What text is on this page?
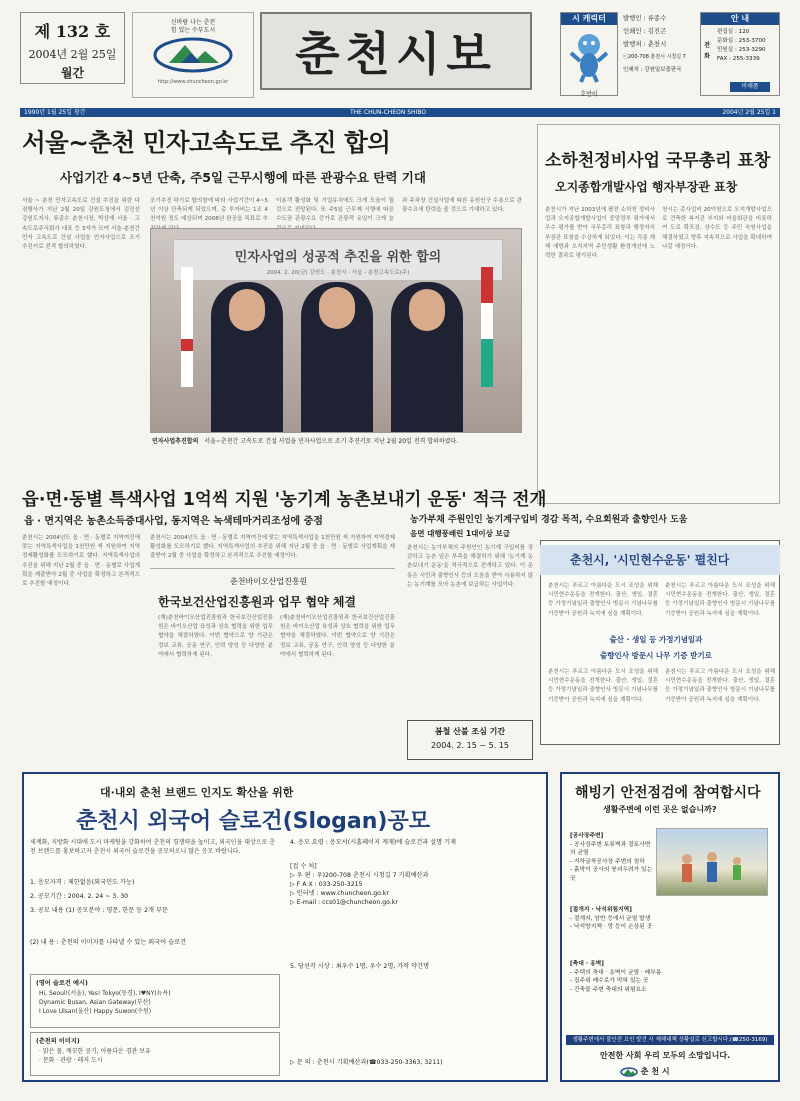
제 132 호
2004년 2월 25일
월간
신바람 나는 춘천
힘 있는 수부도시
http://www.chuncheon.go.kr
춘천시보
시 캐릭터
호반이
발행인 : 류종수
인쇄인 : 김진곤
발행처 : 춘천시
ⓒ200-708 춘천시 시청길 7
인쇄처 : 강원일보출판국
안 내
편집실 : 120
문화실 : 253-3700
민원실 : 253-3290
FAX : 255-3339
전
화
비매품
1990년 1월 25일 창간	THE CHUN-CHEON SHIBO	2004년 2월 25일 1
서울~춘천 민자고속도로 추진 합의
사업기간 4~5년 단축, 주5일 근무시행에 따른 관광수요 탄력 기대
서울 ~ 춘천 민자고속도로 건설 추진을 위한 다짐행사가 지난 2월 20일 강원도청에서 김진선 강원도지사, 류종수 춘천시장, 박상재 서울 · 고속도로주식회사 대표 등 3자가 모여 서울-춘천간 민자 고속도로 건설 사업을 민자사업으로 조기 추진키로 전격 합의하였다.
조기추진 하기로 합의함에 따라 사업기간이 4~5년 이상 단축되게 되었으며, 총 투자비는 1조 4천억원 정도 예상되며 2008년 완공을 목표로 추
이용객 활성화 및 기업유치에도 크게 도움이 될 것으로 전망된다. 또 주5일 근무제 시행에 따른 수도권 관광수요 증가로 관광객 유입이 크게 늘
과 주차장 건설사업에 따른 유원인구 수용으로 관광수요에 탄력을 줄 것으로 기대하고 있다.
민자사업의 성공적 추진을 위한 합의
2004. 2. 20(금) 강원도 · 춘천시 · 서울 - 춘천고속도로(주)
민자사업추진합의 서울~춘천간 고속도로 건설 사업을 민자사업으로 조기 추진키로 지난 2월 20일 전격 합의하였다.
소하천정비사업 국무총리 표창
오지종합개발사업 행자부장관 표창
춘천시가 지난 2003년에 펼친 소하천 정비사업과 오지종합개발사업이 중앙정부 평가에서 우수 평가를 받아 국무총리 표창과 행정자치부장관 표창을 수상하게 되었다. 이는 각종 재해 예방과 오지지역 주민생활 환경개선에 노력한 결과로 평가된다.
천시는 총사업비 20억원으로 오지개발사업으로 건축한 복지관 부지와 마을회관을 비롯하여 도로 확포장, 상수도 등 주민 숙원사업을 해결하였고 향후 지속적으로 사업을 확대하여 나갈 예정이다.
읍·면·동별 특색사업 1억씩 지원 '농기계 농촌보내기 운동' 적극 전개
읍 · 면지역은 농촌소득증대사업, 동지역은 녹색테마거리조성에 중점	농가부채 주원인인 농기계구입비 경감 목적, 수요회원과 출향인사 도움
음면 대행풍배린 1대이상 보급
춘천시는 2004년도 읍 · 면 · 동별로 지역여건에 맞는 지역특색사업을 1천만원 씩 지원하여 지역경제활성화를 도모하기로 했다. 지역특색사업의 추진을 위해 지난 2월 중 읍 · 면 · 동별로 사업계획을 제출받아 2월 중 사업을 확정하고 본격적으로 추진할 예정이다.
춘천시는 2004년도 읍 · 면 · 동별로 지역여건에 맞는 지역특색사업을 1천만원 씩 지원하여 지역경제활성화를 도모하기로 했다. 지역특색사업의 추진을 위해 지난 2월 중 읍 · 면 · 동별로 사업계획을 제출받아 2월 중 사업을 확정하고 본격적으로 추진할 예정이다.
춘천시는 농가부채의 주원인인 농기계 구입비를 경감하고 농촌 일손 부족을 해결하기 위해 '농기계 농촌보내기 운동'을 적극적으로 전개하고 있다. 이 운동은 시민과 출향인사 등의 도움을 받아 사용하지 않는 농기계를 모아 농촌에 보급하는 사업이다.
춘천바이오산업진흥원
한국보건산업진흥원과 업무 협약 체결
(재)춘천바이오산업진흥원과 한국보건산업진흥원은 바이오산업 육성과 상호 협력을 위한 업무 협약을 체결하였다. 이번 협약으로 양 기관은 정보 교류, 공동 연구, 인력 양성 등 다양한 분야에서 협력하게 된다.
(재)춘천바이오산업진흥원과 한국보건산업진흥원은 바이오산업 육성과 상호 협력을 위한 업무 협약을 체결하였다. 이번 협약으로 양 기관은 정보 교류, 공동 연구, 인력 양성 등 다양한 분야에서 협력하게 된다.
봄철 산불 조심 기간
2004. 2. 15 ~ 5. 15
춘천시, '시민현수운동' 펼친다
춘천시는 푸르고 아름다운 도시 조성을 위해 시민현수운동을 전개한다. 출산, 생일, 결혼 등 가정기념일과 출향인사 방문시 기념나무를 기증받아 공원과 녹지에 심을 계획이다.
춘천시는 푸르고 아름다운 도시 조성을 위해 시민현수운동을 전개한다. 출산, 생일, 결혼 등 가정기념일과 출향인사 방문시 기념나무를 기증받아 공원과 녹지에 심을 계획이다.
출산 · 생일 등 가정기념일과
출향인사 방문시 나무 기증 받기로
춘천시는 푸르고 아름다운 도시 조성을 위해 시민현수운동을 전개한다. 출산, 생일, 결혼 등 가정기념일과 출향인사 방문시 기념나무를 기증받아 공원과 녹지에 심을 계획이다.
춘천시는 푸르고 아름다운 도시 조성을 위해 시민현수운동을 전개한다. 출산, 생일, 결혼 등 가정기념일과 출향인사 방문시 기념나무를 기증받아 공원과 녹지에 심을 계획이다.
대·내외 춘천 브랜드 인지도 확산을 위한
춘천시 외국어 슬로건(Slogan)공모
세계화, 지방화 시대에 도시 마케팅을 강화하여 춘천의 경쟁력을 높이고, 외국인을 대상으로 춘천 브랜드를 홍보하고자 춘천시 외국어 슬로건을 공모하오니 많은 응모 바랍니다.
1. 응모자격 : 제한없음(외국인도 가능)
2. 공모기간 : 2004. 2. 24 ~ 3. 30
3. 공모 내용 (1) 공모분야 : 영문, 한문 등 2개 부문
(2) 내 용 : 춘천의 이미지를 나타낼 수 있는 외국어 슬로건
4. 응모 요령 : 응모서(시홈페이지 게재)에 슬로건과 설명 기재
5. 당선작 시상 : 최우수 1명, 우수 2명, 가작 약간명
[접 수 처]
▷ 우 편 : 우)200-708 춘천시 시청길 7 기획예산과
▷ F A X : 033-250-3215
▷ 인터넷 : www.chuncheon.go.kr
▷ E-mail : ccs01@chuncheon.go.kr
▷ 문 의 : 춘천시 기획예산과(☎033-250-3363, 3211)
(영어 슬로건 예시)
Hi, Seoul!(서울), Yes! Tokyo(동경), I♥NY(뉴욕)
Dynamic Busan, Asian Gateway(부산)
I Love Ulsan(울산) Happy Suwon(수원)
(춘천의 이미지)
· 맑은 물, 깨끗한 공기, 아름다운 경관 보유
· 문화 · 관광 · 레저 도시
해빙기 안전점검에 참여합시다
생활주변에 이런 곳은 없습니까?
[공사장주변]
- 공사장주변 토류벽과 절토사면의 균열
- 지하굴착공사장 주변의 침하
- 흙막이 공사의 붕괴우려가 있는 곳
[절개지 · 낙석위험지역]
- 절개지, 암반 등에서 균열 발생
- 낙석방지책 · 망 등이 손상된 곳
[축대 · 옹벽]
- 주택의 축대 · 옹벽이 균열 · 배부름
- 집주위 배수로가 막혀 있는 곳
- 건축물 주변 축대의 위험요소
생활주변에서 불안전 요인 발견 시 재해대책 상황실로 신고합시다.(☎250-3169)
안전한 사회 우리 모두의 소망입니다.
춘 천 시
